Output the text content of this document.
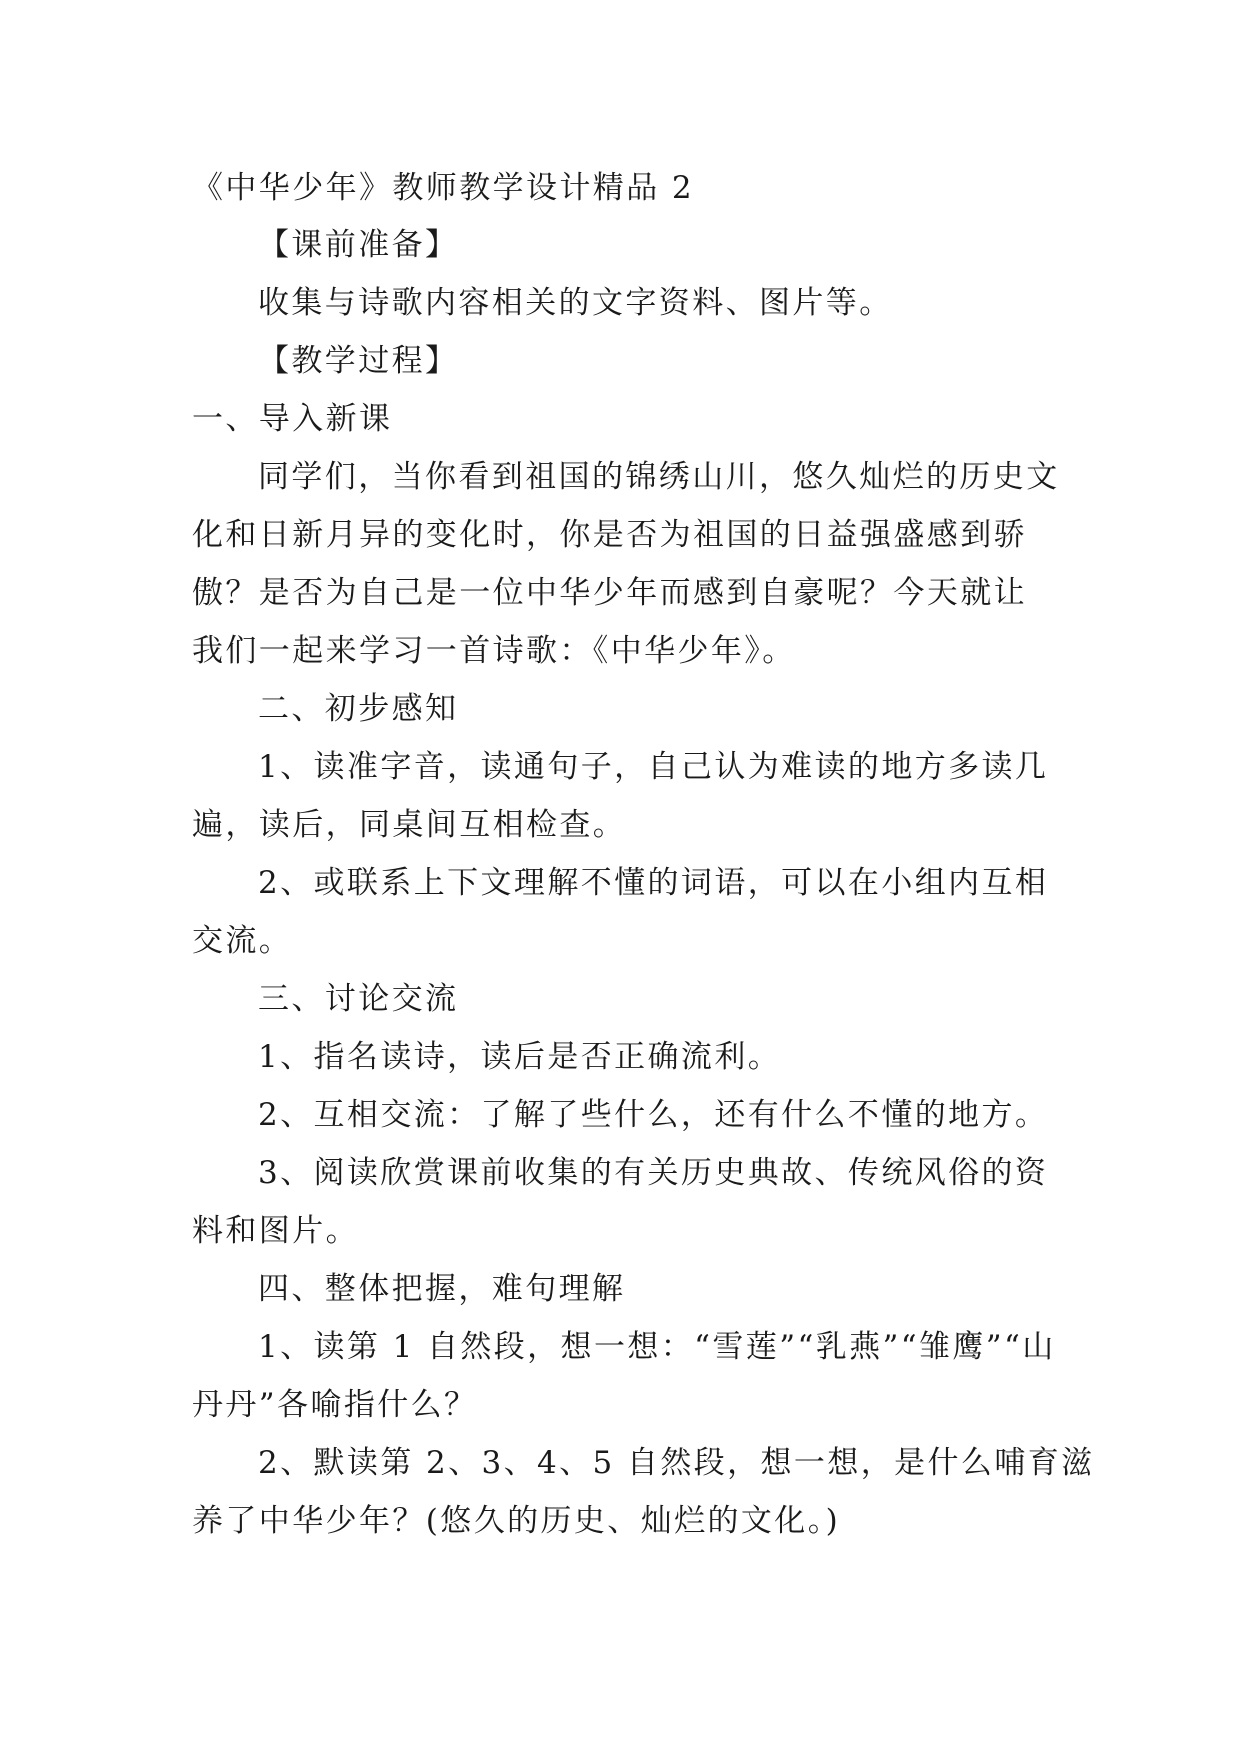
《中华少年》教师教学设计精品 2

【课前准备】

收集与诗歌内容相关的文字资料、图片等。

【教学过程】

一、导入新课

同学们，当你看到祖国的锦绣山川，悠久灿烂的历史文

化和日新月异的变化时，你是否为祖国的日益强盛感到骄

傲？是否为自己是一位中华少年而感到自豪呢？今天就让

我们一起来学习一首诗歌：《中华少年》。

二、初步感知

1、读准字音，读通句子，自己认为难读的地方多读几

遍，读后，同桌间互相检查。

2、或联系上下文理解不懂的词语，可以在小组内互相

交流。

三、讨论交流

1、指名读诗，读后是否正确流利。

2、互相交流：了解了些什么，还有什么不懂的地方。

3、阅读欣赏课前收集的有关历史典故、传统风俗的资

料和图片。

四、整体把握，难句理解

1、读第 1 自然段，想一想：“雪莲”“乳燕”“雏鹰”“山

丹丹”各喻指什么？

2、默读第 2、3、4、5 自然段，想一想，是什么哺育滋

养了中华少年？(悠久的历史、灿烂的文化。)
